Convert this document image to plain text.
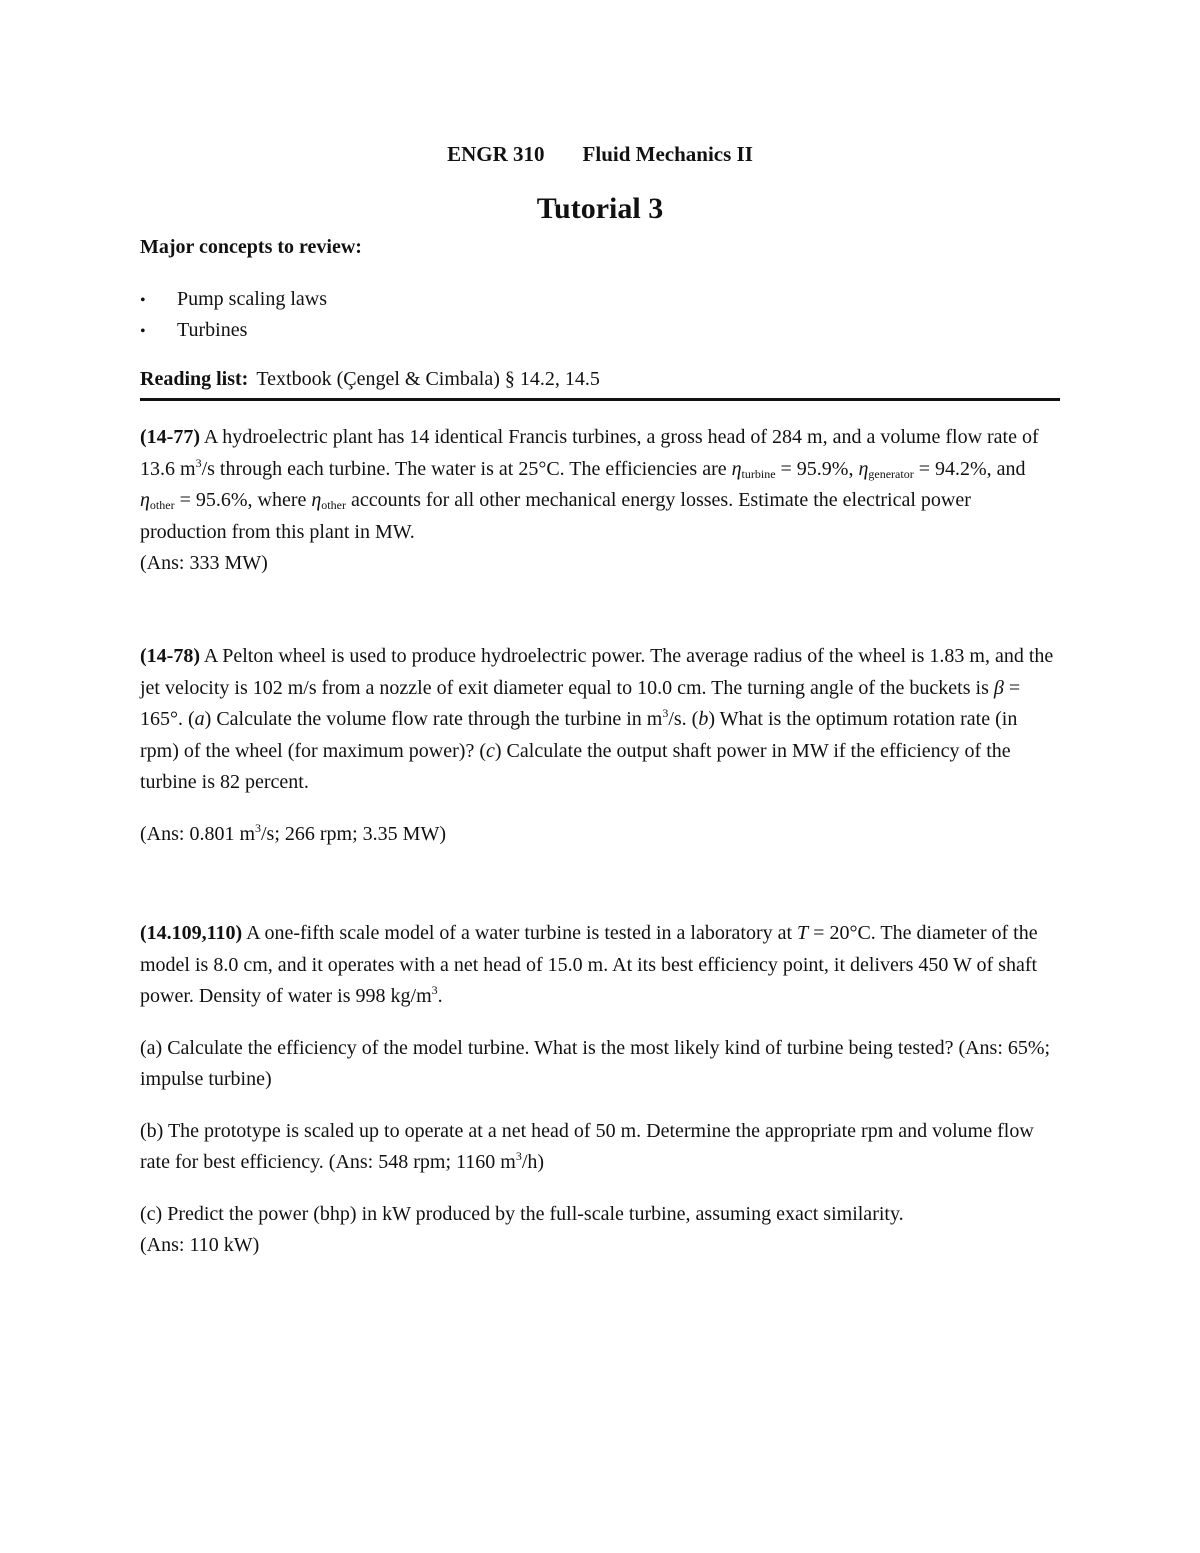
ENGR 310 Fluid Mechanics II
Tutorial 3
Major concepts to review:
• Pump scaling laws
• Turbines
Reading list: Textbook (Çengel & Cimbala) § 14.2, 14.5

(14-77) A hydroelectric plant has 14 identical Francis turbines, a gross head of 284 m, and a volume flow rate of 13.6 $m^3/s$ through each turbine. The water is at 25°C. The efficiencies are $\eta_{turbine} = 95.9\%$, $\eta_{generator} = 94.2\%$, and $\eta_{other} = 95.6\%$, where $\eta_{other}$ accounts for all other mechanical energy losses. Estimate the electrical power production from this plant in MW.

(Ans: 333 MW)

(14-78) A Pelton wheel is used to produce hydroelectric power. The average radius of the wheel is 1.83 m, and the jet velocity is 102 m/s from a nozzle of exit diameter equal to 10.0 cm. The turning angle of the buckets is β = 165°. (a) Calculate the volume flow rate through the turbine in $m^3/s$. (b) What is the optimum rotation rate (in rpm) of the wheel (for maximum power)? (c) Calculate the output shaft power in MW if the efficiency of the turbine is 82 percent.

(Ans: 0.801 $m^3/s$; 266 rpm; 3.35 MW)

(14.109,110) A one-fifth scale model of a water turbine is tested in a laboratory at T = 20°C. The diameter of the model is 8.0 cm, and it operates with a net head of 15.0 m. At its best efficiency point, it delivers 450 W of shaft power. Density of water is 998 $kg/m^3$.

(a) Calculate the efficiency of the model turbine. What is the most likely kind of turbine being tested? (Ans: 65%; impulse turbine)

(b) The prototype is scaled up to operate at a net head of 50 m. Determine the appropriate rpm and volume flow rate for best efficiency. (Ans: 548 rpm; 1160 $m^3/h$)

(c) Predict the power (bhp) in kW produced by the full-scale turbine, assuming exact similarity.
(Ans: 110 kW)
